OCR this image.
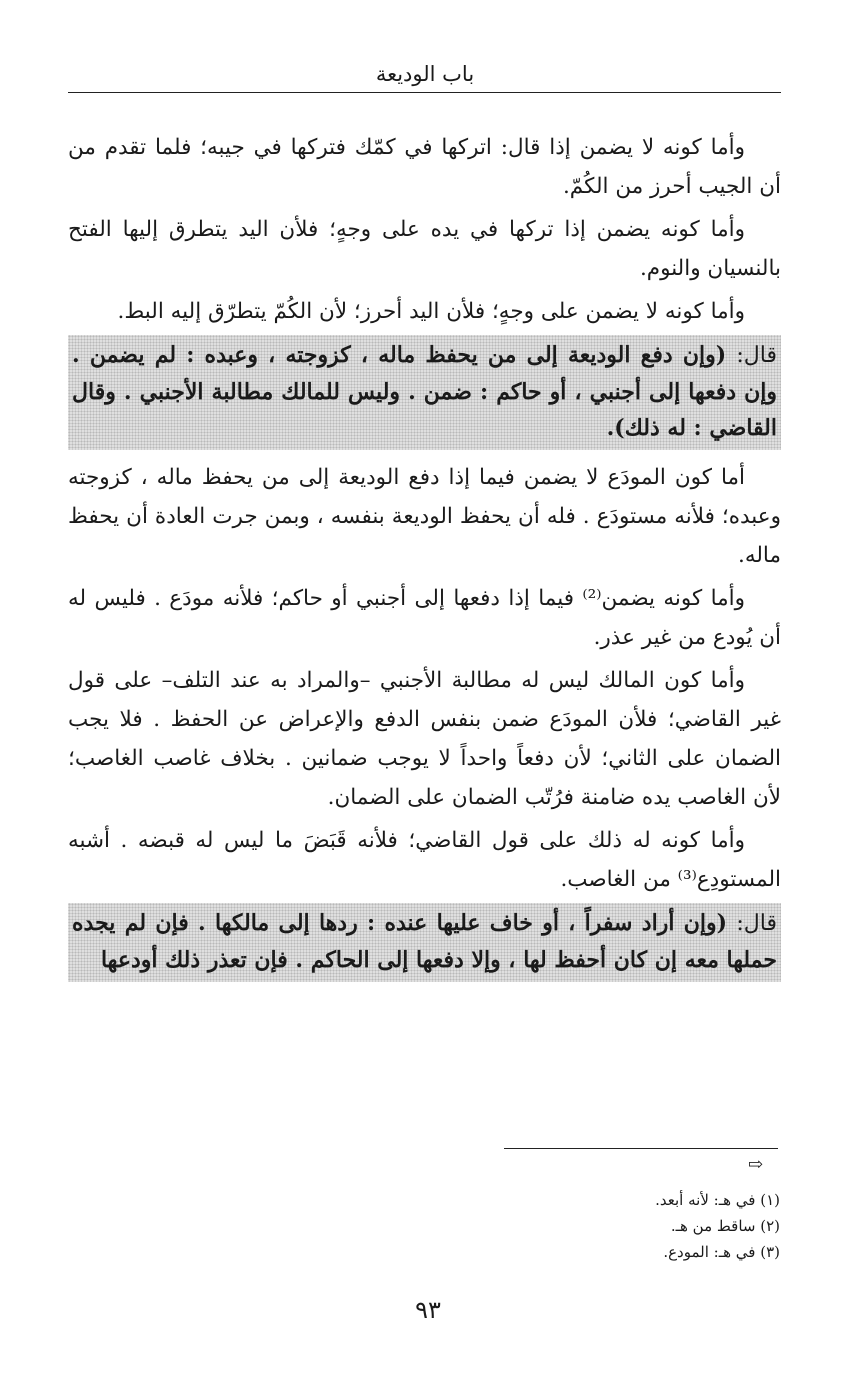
باب الوديعة

وأما كونه لا يضمن إذا قال: اتركها في كمّك فتركها في جيبه؛ فلما تقدم من أن الجيب أحرز من الكُمّ.

وأما كونه يضمن إذا تركها في يده على وجهٍ؛ فلأن اليد يتطرق إليها الفتح بالنسيان والنوم.

وأما كونه لا يضمن على وجهٍ؛ فلأن اليد أحرز؛ لأن الكُمّ يتطرّق إليه البط.

قال: (وإن دفع الوديعة إلى من يحفظ ماله ، كزوجته ، وعبده : لم يضمن . وإن دفعها إلى أجنبي ، أو حاكم : ضمن . وليس للمالك مطالبة الأجنبي . وقال القاضي : له ذلك).

أما كون المودَع لا يضمن فيما إذا دفع الوديعة إلى من يحفظ ماله ، كزوجته وعبده؛ فلأنه مستودَع . فله أن يحفظ الوديعة بنفسه ، وبمن جرت العادة أن يحفظ ماله.

وأما كونه يضمن⁽²⁾ فيما إذا دفعها إلى أجنبي أو حاكم؛ فلأنه مودَع . فليس له أن يُودع من غير عذر.

وأما كون المالك ليس له مطالبة الأجنبي –والمراد به عند التلف– على قول غير القاضي؛ فلأن المودَع ضمن بنفس الدفع والإعراض عن الحفظ . فلا يجب الضمان على الثاني؛ لأن دفعاً واحداً لا يوجب ضمانين . بخلاف غاصب الغاصب؛ لأن الغاصب يده ضامنة فرُتّب الضمان على الضمان.

وأما كونه له ذلك على قول القاضي؛ فلأنه قَبَضَ ما ليس له قبضه . أشبه المستودِع⁽³⁾ من الغاصب.

قال: (وإن أراد سفراً ، أو خاف عليها عنده : ردها إلى مالكها . فإن لم يجده حملها معه إن كان أحفظ لها ، وإلا دفعها إلى الحاكم . فإن تعذر ذلك أودعها
⇨
(١) في هـ: لأنه أبعد.
(٢) ساقط من هـ.
(٣) في هـ: المودع.
٩٣
